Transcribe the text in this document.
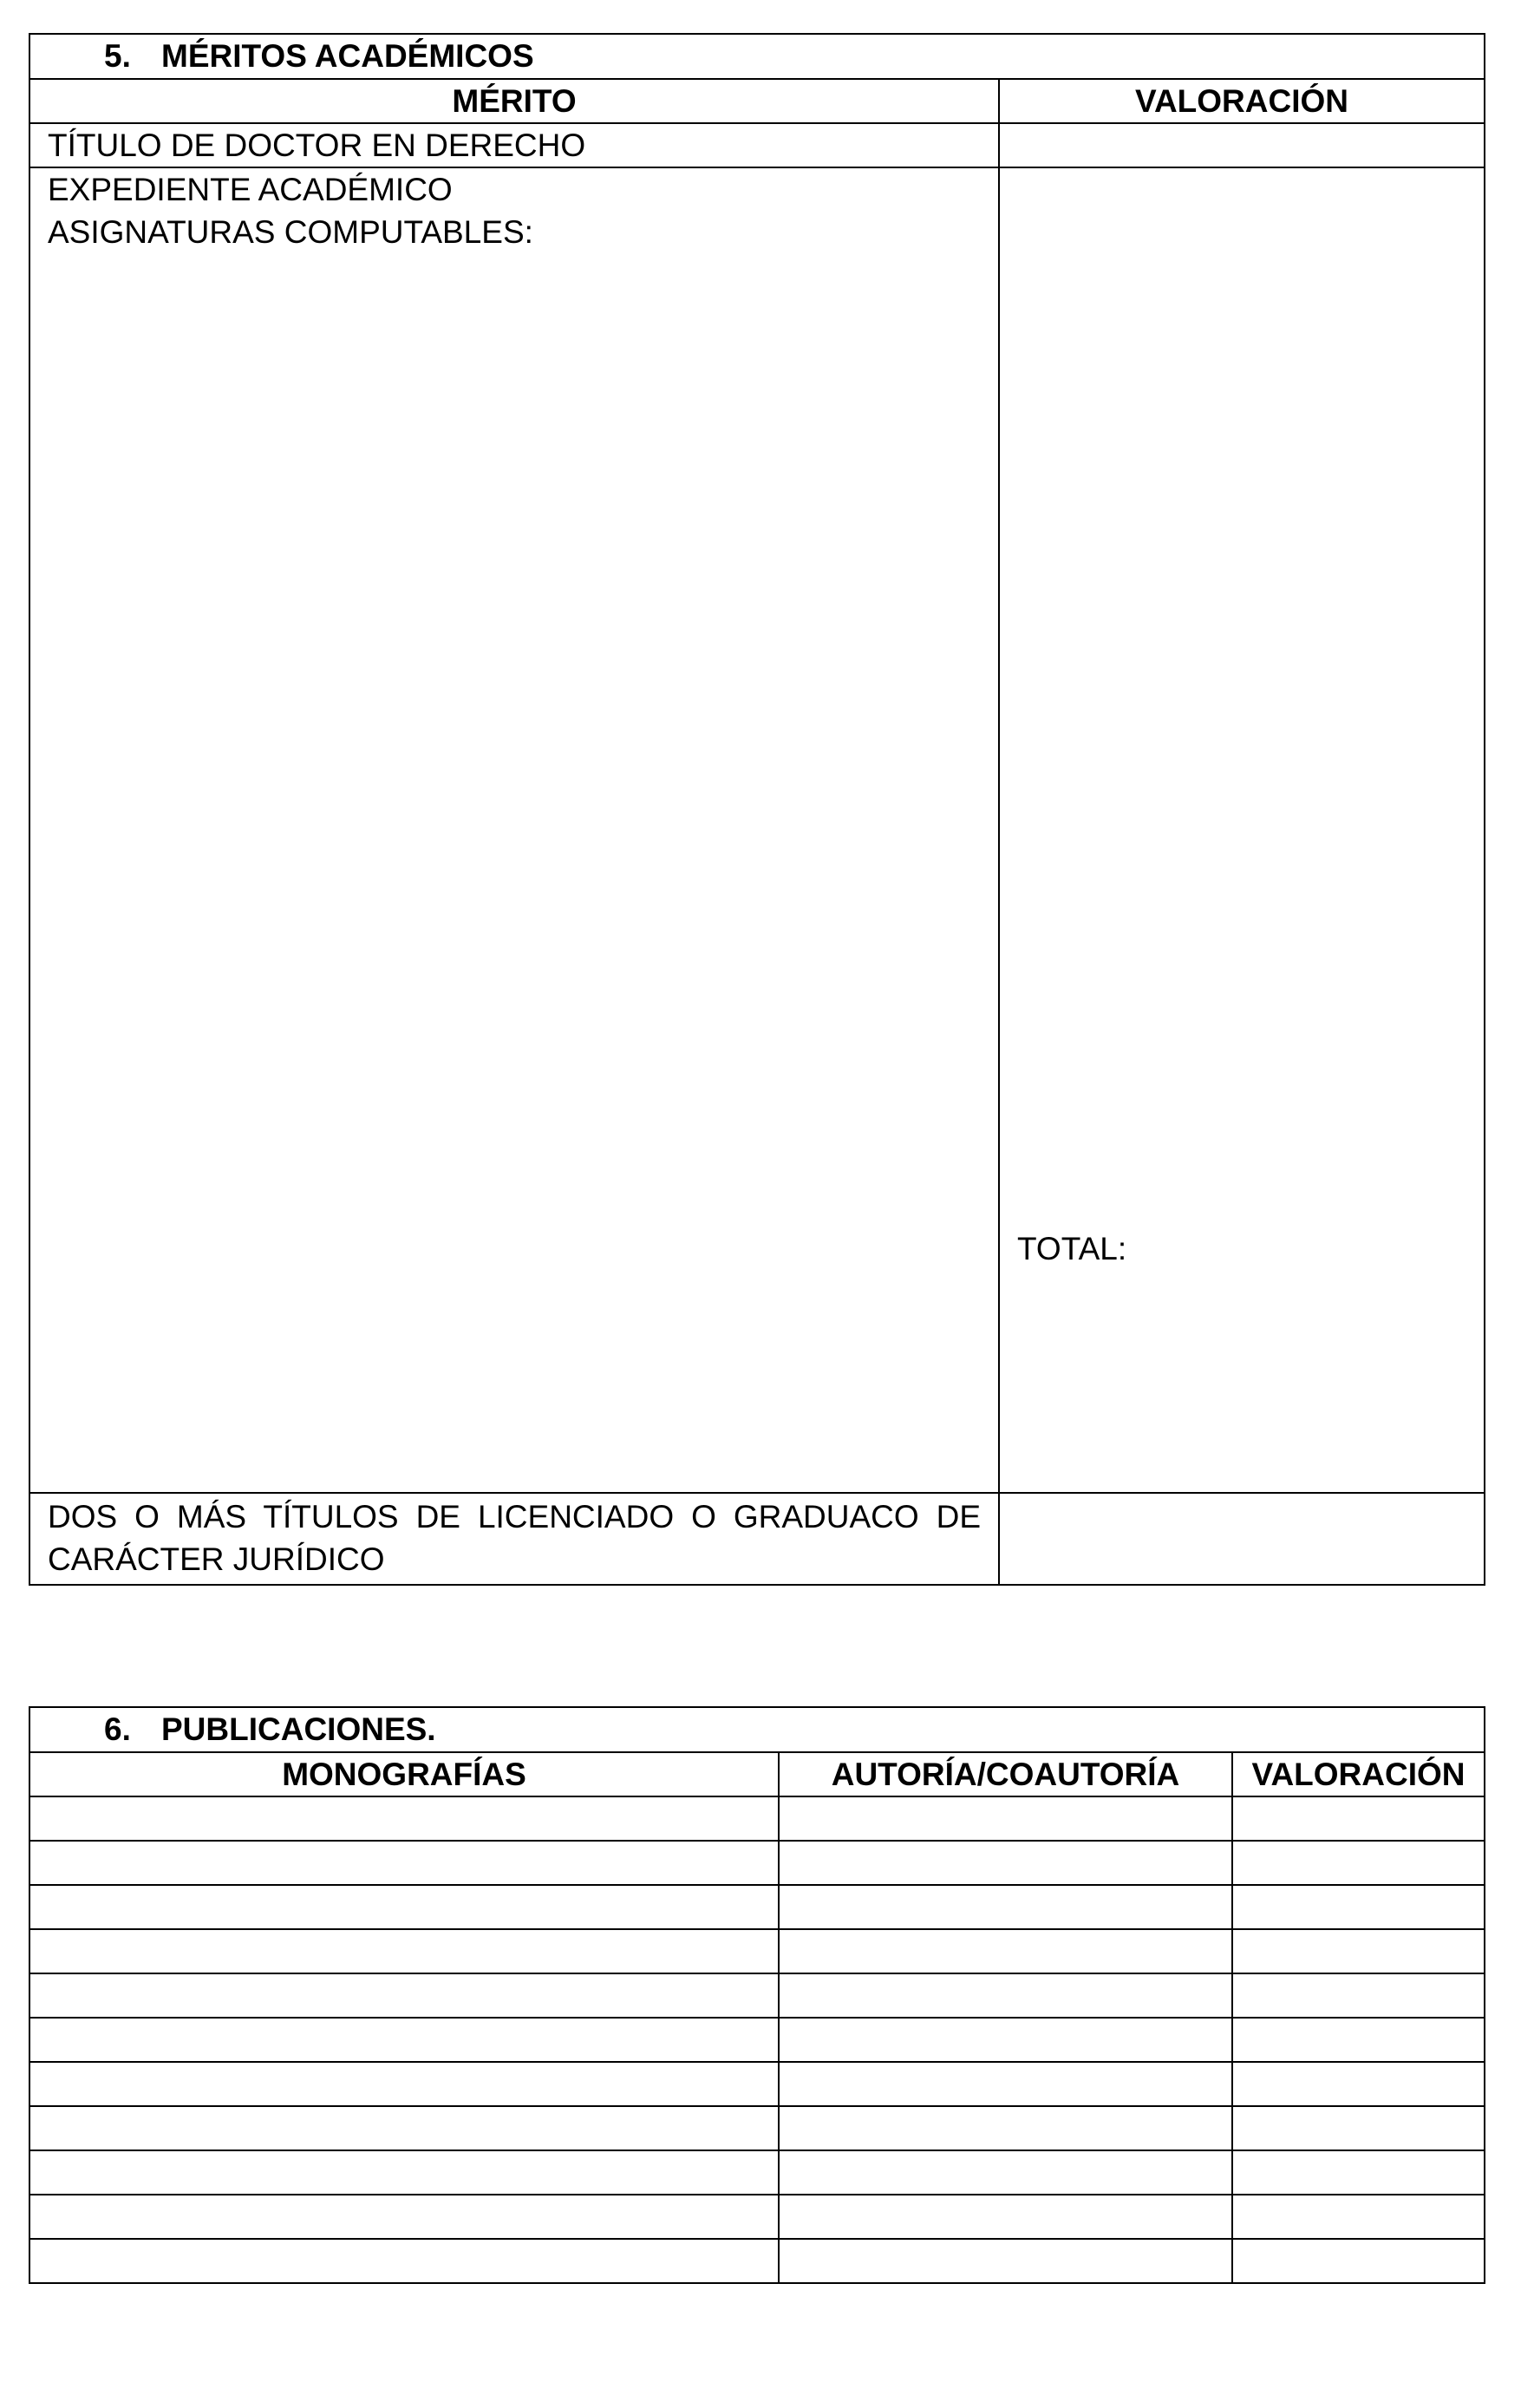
5. MÉRITOS ACADÉMICOS	
MÉRITO	VALORACIÓN
TÍTULO DE DOCTOR EN DERECHO	

EXPEDIENTE ACADÉMICO
ASIGNATURAS COMPUTABLES:	TOTAL:

DOS O MÁS TÍTULOS DE LICENCIADO O GRADUACO DE CARÁCTER JURÍDICO	
6. PUBLICACIONES.		
MONOGRAFÍAS	AUTORÍA/COAUTORÍA	VALORACIÓN
